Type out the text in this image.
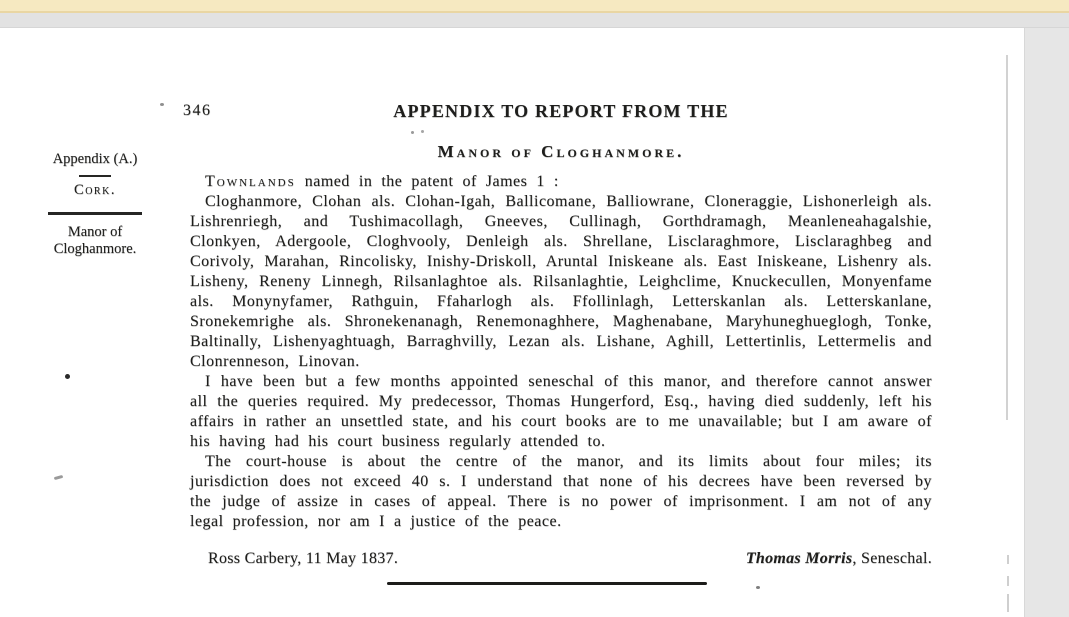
346	APPENDIX TO REPORT FROM THE
Manor of Cloghanmore.
Appendix (A.)
Cork.
Manor of Cloghanmore.

Townlands named in the patent of James 1 :

Cloghanmore, Clohan als. Clohan-Igah, Ballicomane, Balliowrane, Cloneraggie, Lishonerleigh als. Lishrenriegh, and Tushimacollagh, Gneeves, Cullinagh, Gorthdramagh, Meanleneahagalshie, Clonkyen, Adergoole, Cloghvooly, Denleigh als. Shrellane, Lisclaraghmore, Lisclaraghbeg and Corivoly, Marahan, Rincolisky, Inishy-Driskoll, Aruntal Iniskeane als. East Iniskeane, Lishenry als. Lisheny, Reneny Linnegh, Rilsanlaghtoe als. Rilsanlaghtie, Leighclime, Knuckecullen, Monyenfame als. Monynyfamer, Rathguin, Ffaharlogh als. Ffollinlagh, Letterskanlan als. Letterskanlane, Sronekemrighe als. Shronekenanagh, Renemonaghhere, Maghenabane, Maryhuneghueglogh, Tonke, Baltinally, Lishenyaghtuagh, Barraghvilly, Lezan als. Lishane, Aghill, Lettertinlis, Lettermelis and Clonrenneson, Linovan.

I have been but a few months appointed seneschal of this manor, and therefore cannot answer all the queries required. My predecessor, Thomas Hungerford, Esq., having died suddenly, left his affairs in rather an unsettled state, and his court books are to me unavailable; but I am aware of his having had his court business regularly attended to.

The court-house is about the centre of the manor, and its limits about four miles; its jurisdiction does not exceed 40 s. I understand that none of his decrees have been reversed by the judge of assize in cases of appeal. There is no power of imprisonment. I am not of any legal profession, nor am I a justice of the peace.

Ross Carbery, 11 May 1837.	Thomas Morris, Seneschal.
